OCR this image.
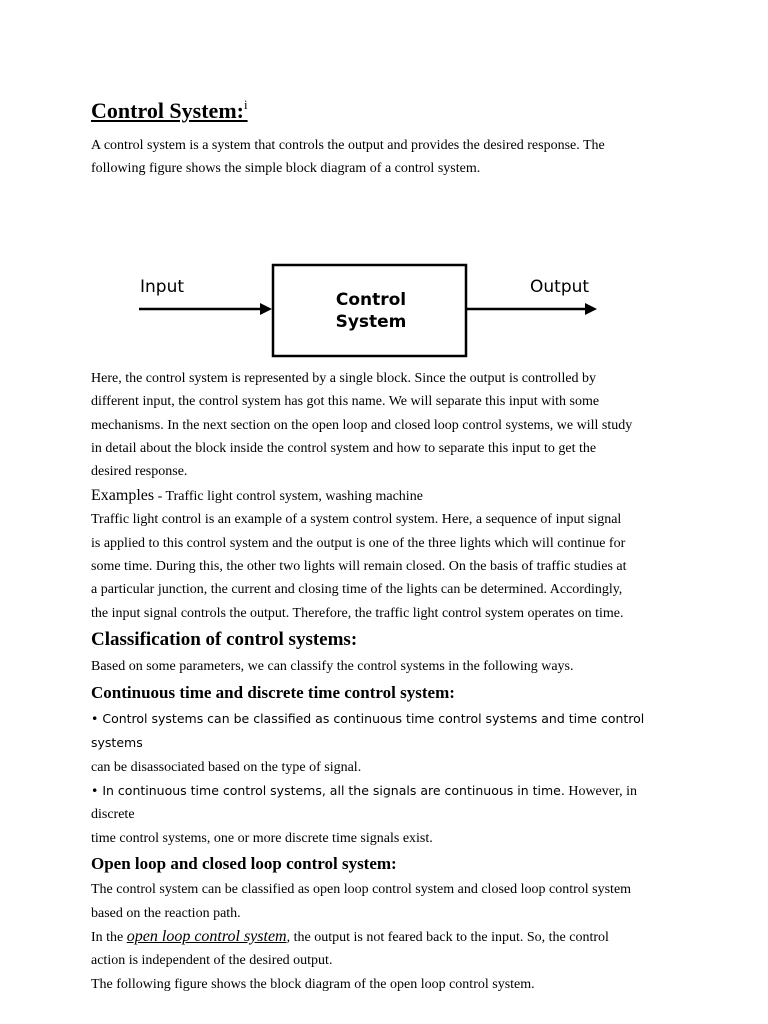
Control System:$^i$

A control system is a system that controls the output and provides the desired response. The

following figure shows the simple block diagram of a control system.

Input
Control
System
Output

Here, the control system is represented by a single block. Since the output is controlled by

different input, the control system has got this name. We will separate this input with some

mechanisms. In the next section on the open loop and closed loop control systems, we will study

in detail about the block inside the control system and how to separate this input to get the

desired response.

Examples - Traffic light control system, washing machine

Traffic light control is an example of a system control system. Here, a sequence of input signal

is applied to this control system and the output is one of the three lights which will continue for

some time. During this, the other two lights will remain closed. On the basis of traffic studies at

a particular junction, the current and closing time of the lights can be determined. Accordingly,

the input signal controls the output. Therefore, the traffic light control system operates on time.

Classification of control systems:

Based on some parameters, we can classify the control systems in the following ways.

Continuous time and discrete time control system:

• Control systems can be classified as continuous time control systems and time control systems

can be disassociated based on the type of signal.

• In continuous time control systems, all the signals are continuous in time. However, in discrete

time control systems, one or more discrete time signals exist.

Open loop and closed loop control system:

The control system can be classified as open loop control system and closed loop control system

based on the reaction path.

In the open loop control system, the output is not feared back to the input. So, the control

action is independent of the desired output.

The following figure shows the block diagram of the open loop control system.
